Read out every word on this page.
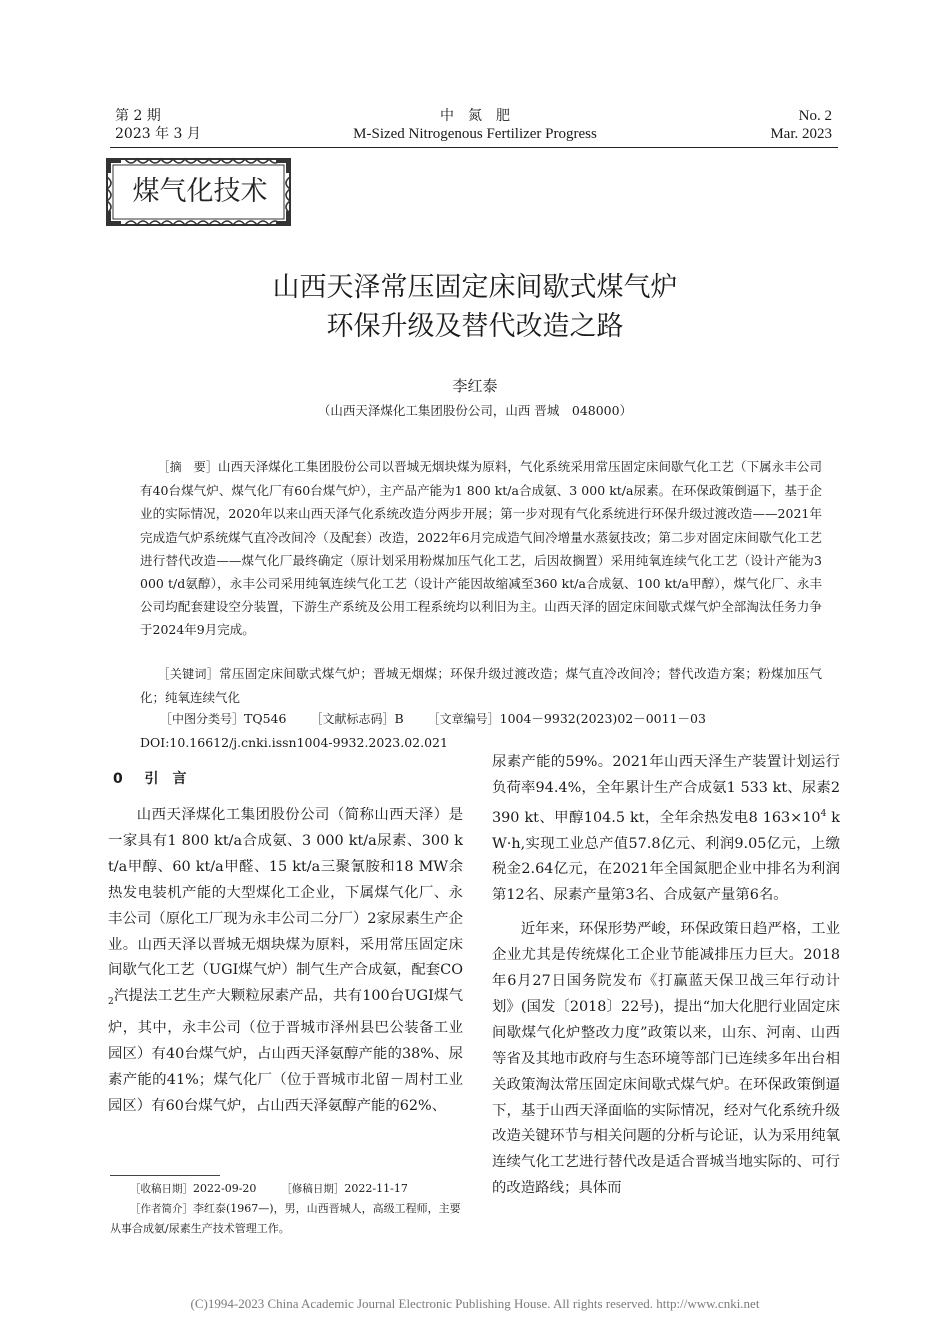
第 2 期
2023 年 3 月
中　氮　肥
M-Sized Nitrogenous Fertilizer Progress
No. 2
Mar. 2023
煤气化技术
山西天泽常压固定床间歇式煤气炉
环保升级及替代改造之路
李红泰
（山西天泽煤化工集团股份公司，山西 晋城　048000）

［摘　要］山西天泽煤化工集团股份公司以晋城无烟块煤为原料，气化系统采用常压固定床间歇气化工艺（下属永丰公司有40台煤气炉、煤气化厂有60台煤气炉），主产品产能为1 800 kt/a合成氨、3 000 kt/a尿素。在环保政策倒逼下，基于企业的实际情况，2020年以来山西天泽气化系统改造分两步开展；第一步对现有气化系统进行环保升级过渡改造——2021年完成造气炉系统煤气直冷改间冷（及配套）改造，2022年6月完成造气间冷增量水蒸氨技改；第二步对固定床间歇气化工艺进行替代改造——煤气化厂最终确定（原计划采用粉煤加压气化工艺，后因故搁置）采用纯氧连续气化工艺（设计产能为3 000 t/d氨醇），永丰公司采用纯氧连续气化工艺（设计产能因故缩减至360 kt/a合成氨、100 kt/a甲醇），煤气化厂、永丰公司均配套建设空分装置，下游生产系统及公用工程系统均以利旧为主。山西天泽的固定床间歇式煤气炉全部淘汰任务力争于2024年9月完成。

［关键词］常压固定床间歇式煤气炉；晋城无烟煤；环保升级过渡改造；煤气直冷改间冷；替代改造方案；粉煤加压气化；纯氧连续气化

［中图分类号］TQ546 ［文献标志码］B ［文章编号］1004－9932(2023)02－0011－03
DOI:10.16612/j.cnki.issn1004-9932.2023.02.021
0 引　言

山西天泽煤化工集团股份公司（简称山西天泽）是一家具有1 800 kt/a合成氨、3 000 kt/a尿素、300 kt/a甲醇、60 kt/a甲醛、15 kt/a三聚氰胺和18 MW余热发电装机产能的大型煤化工企业，下属煤气化厂、永丰公司（原化工厂现为永丰公司二分厂）2家尿素生产企业。山西天泽以晋城无烟块煤为原料，采用常压固定床间歇气化工艺（UGI煤气炉）制气生产合成氨，配套$CO_2$汽提法工艺生产大颗粒尿素产品，共有100台UGI煤气炉，其中，永丰公司（位于晋城市泽州县巴公装备工业园区）有40台煤气炉，占山西天泽氨醇产能的38%、尿素产能的41%；煤气化厂（位于晋城市北留－周村工业园区）有60台煤气炉，占山西天泽氨醇产能的62%、

尿素产能的59%。2021年山西天泽生产装置计划运行负荷率94.4%，全年累计生产合成氨1 533 kt、尿素2 390 kt、甲醇104.5 kt，全年余热发电8 $163\times 10^4$ kW·h,实现工业总产值57.8亿元、利润9.05亿元，上缴税金2.64亿元，在2021年全国氮肥企业中排名为利润第12名、尿素产量第3名、合成氨产量第6名。

近年来，环保形势严峻，环保政策日趋严格，工业企业尤其是传统煤化工企业节能减排压力巨大。2018年6月27日国务院发布《打赢蓝天保卫战三年行动计划》(国发〔2018〕22号)，提出“加大化肥行业固定床间歇煤气化炉整改力度”政策以来，山东、河南、山西等省及其地市政府与生态环境等部门已连续多年出台相关政策淘汰常压固定床间歇式煤气炉。在环保政策倒逼下，基于山西天泽面临的实际情况，经对气化系统升级改造关键环节与相关问题的分析与论证，认为采用纯氧连续气化工艺进行替代改是适合晋城当地实际的、可行的改造路线；具体而

［收稿日期］2022-09-20 ［修稿日期］2022-11-17
［作者简介］李红泰(1967—)，男，山西晋城人，高级工程师，主要从事合成氨/尿素生产技术管理工作。
(C)1994-2023 China Academic Journal Electronic Publishing House. All rights reserved. http://www.cnki.net
